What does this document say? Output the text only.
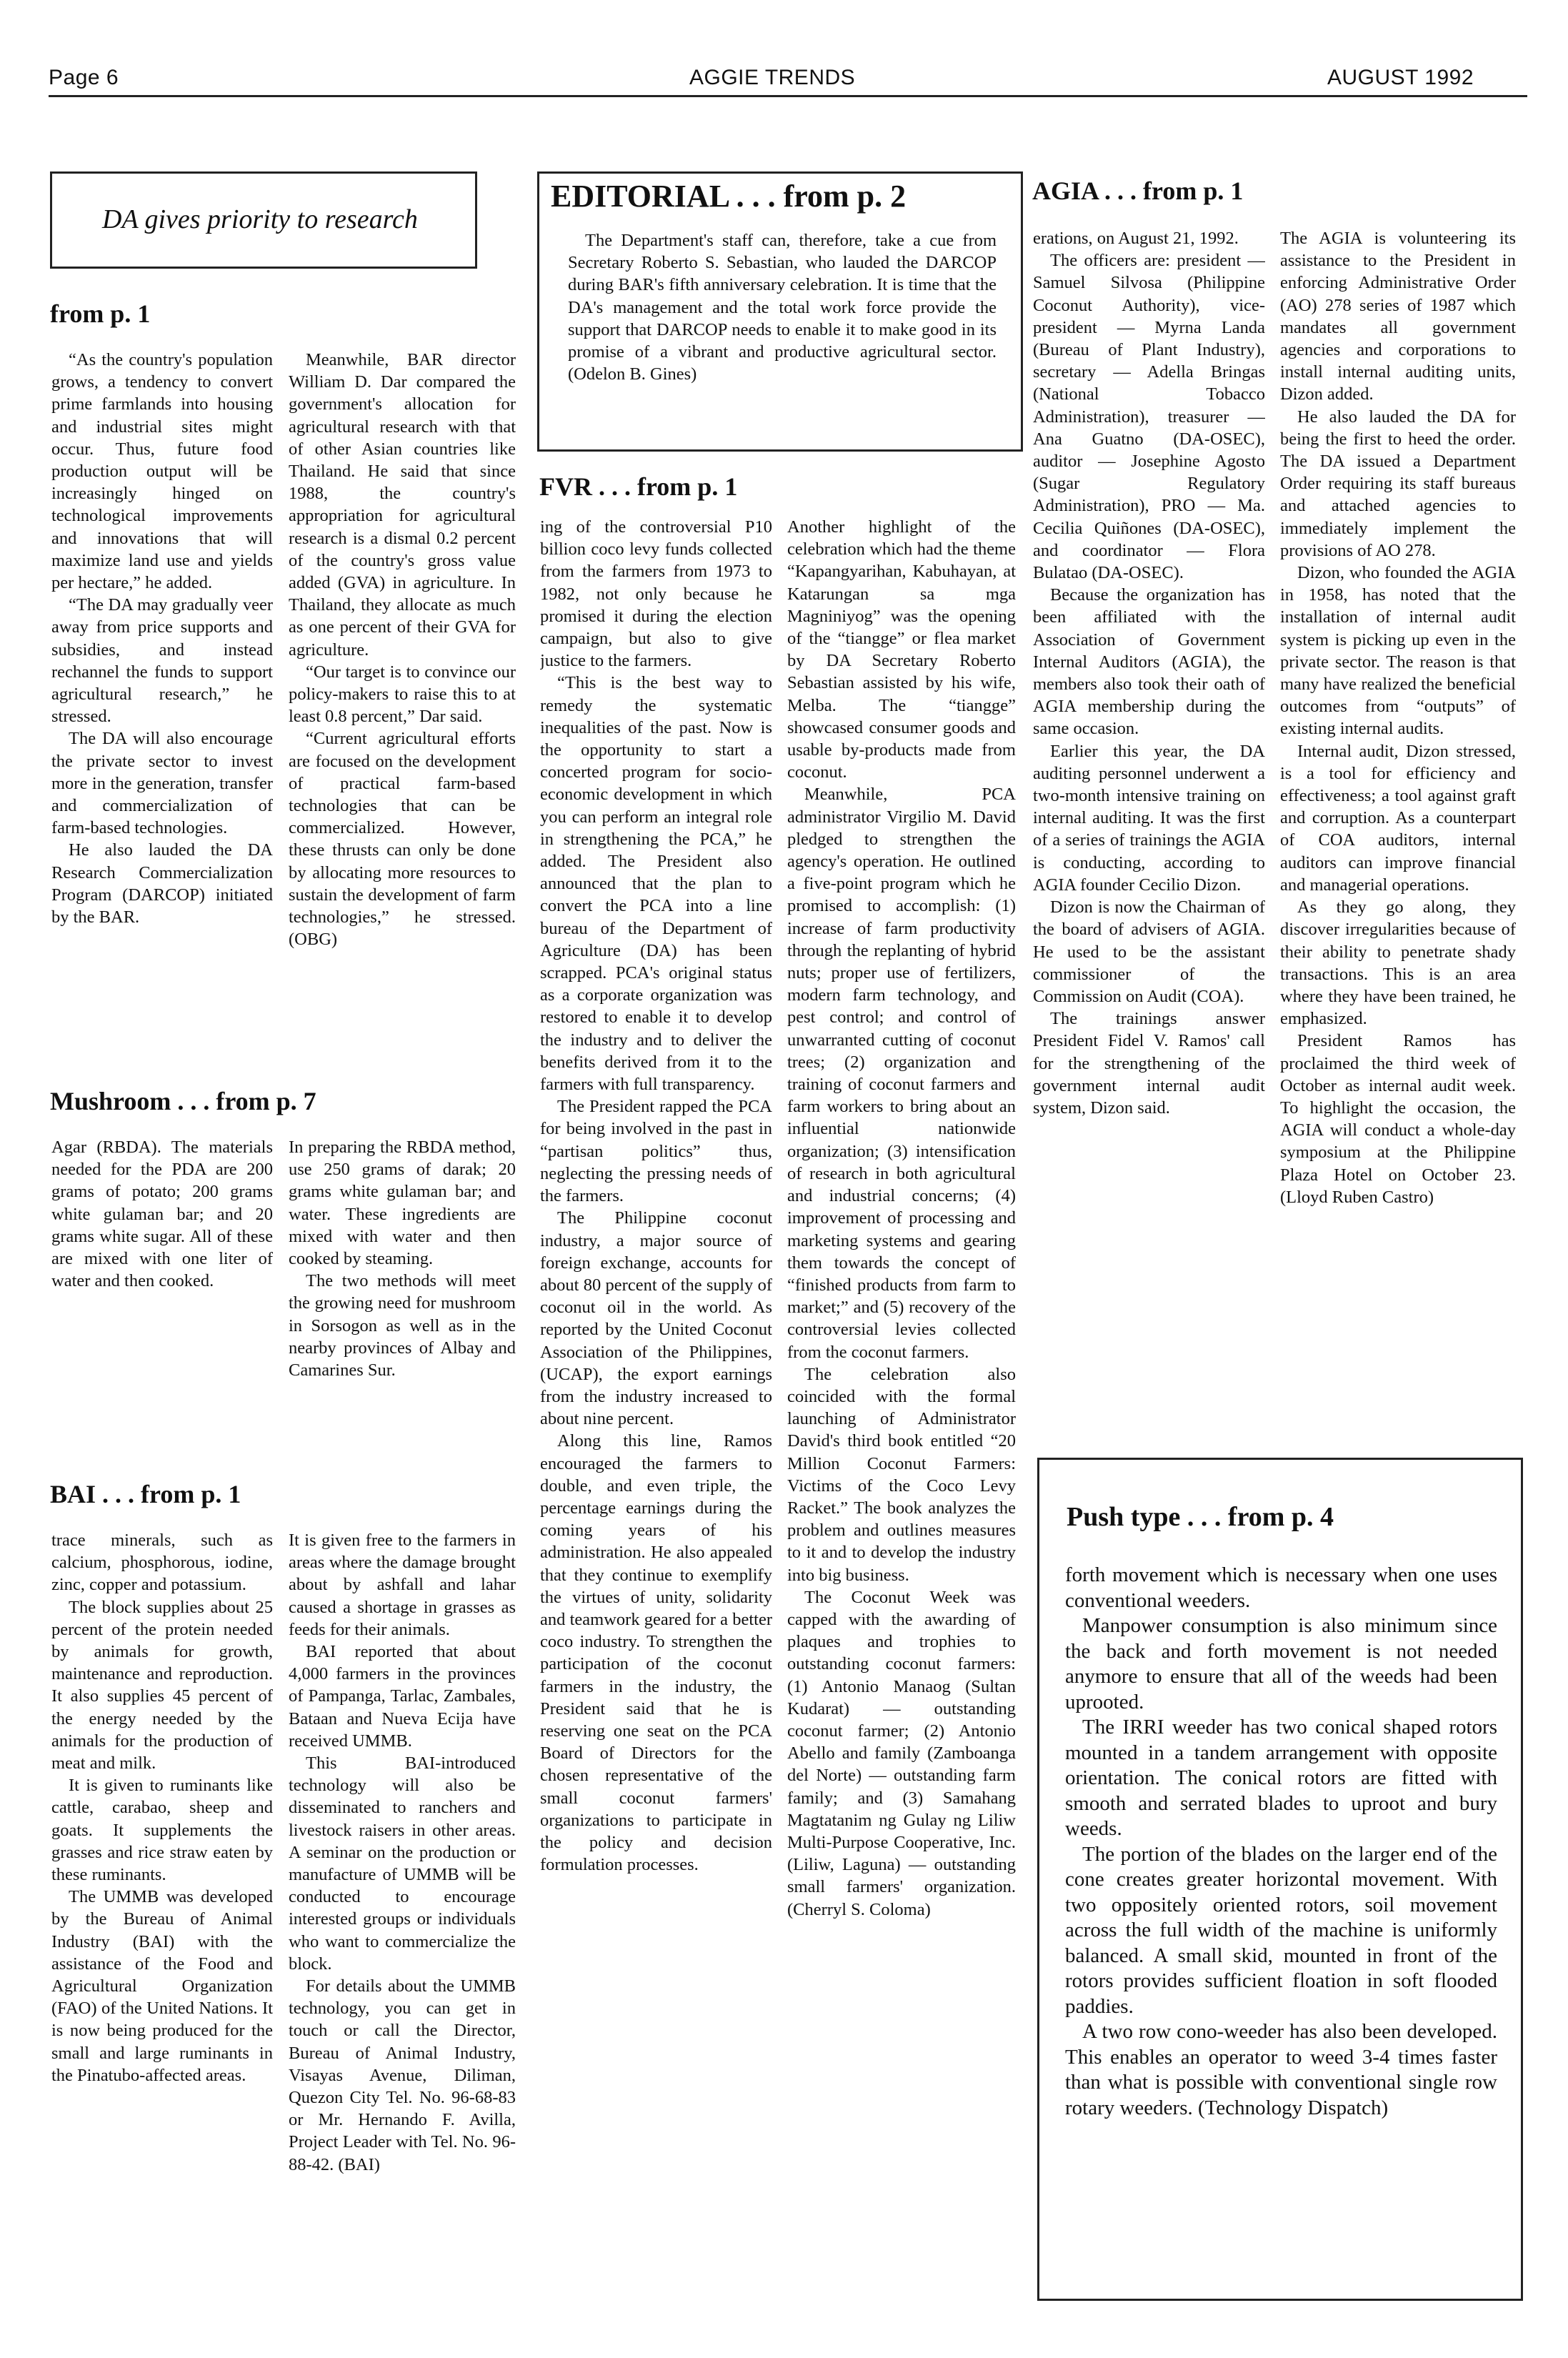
Page 6	AGGIE TRENDS	AUGUST 1992
DA gives priority to research
from p. 1

“As the country's population grows, a tendency to convert prime farmlands into housing and industrial sites might occur. Thus, future food production output will be increasingly hinged on technological improvements and innovations that will maximize land use and yields per hectare,” he added.

“The DA may gradually veer away from price supports and subsidies, and instead rechannel the funds to support agricultural research,” he stressed.

The DA will also encourage the private sector to invest more in the generation, transfer and commercialization of farm-based technologies.

He also lauded the DA Research Commercialization Program (DARCOP) initiated by the BAR.

Meanwhile, BAR director William D. Dar compared the government's allocation for agricultural research with that of other Asian countries like Thailand. He said that since 1988, the country's appropriation for agricultural research is a dismal 0.2 percent of the country's gross value added (GVA) in agriculture. In Thailand, they allocate as much as one percent of their GVA for agriculture.

“Our target is to convince our policy-makers to raise this to at least 0.8 percent,” Dar said.

“Current agricultural efforts are focused on the development of practical farm-based technologies that can be commercialized. However, these thrusts can only be done by allocating more resources to sustain the development of farm technologies,” he stressed. (OBG)

Mushroom . . . from p. 7

Agar (RBDA). The materials needed for the PDA are 200 grams of potato; 200 grams white gulaman bar; and 20 grams white sugar. All of these are mixed with one liter of water and then cooked.

In preparing the RBDA method, use 250 grams of darak; 20 grams white gulaman bar; and water. These ingredients are mixed with water and then cooked by steaming.

The two methods will meet the growing need for mushroom in Sorsogon as well as in the nearby provinces of Albay and Camarines Sur.

BAI . . . from p. 1

trace minerals, such as calcium, phosphorous, iodine, zinc, copper and potassium.

The block supplies about 25 percent of the protein needed by animals for growth, maintenance and reproduction. It also supplies 45 percent of the energy needed by the animals for the production of meat and milk.

It is given to ruminants like cattle, carabao, sheep and goats. It supplements the grasses and rice straw eaten by these ruminants.

The UMMB was developed by the Bureau of Animal Industry (BAI) with the assistance of the Food and Agricultural Organization (FAO) of the United Nations. It is now being produced for the small and large ruminants in the Pinatubo-affected areas.

It is given free to the farmers in areas where the damage brought about by ashfall and lahar caused a shortage in grasses as feeds for their animals.

BAI reported that about 4,000 farmers in the provinces of Pampanga, Tarlac, Zambales, Bataan and Nueva Ecija have received UMMB.

This BAI-introduced technology will also be disseminated to ranchers and livestock raisers in other areas. A seminar on the production or manufacture of UMMB will be conducted to encourage interested groups or individuals who want to commercialize the block.

For details about the UMMB technology, you can get in touch or call the Director, Bureau of Animal Industry, Visayas Avenue, Diliman, Quezon City Tel. No. 96-68-83 or Mr. Hernando F. Avilla, Project Leader with Tel. No. 96-88-42. (BAI)

EDITORIAL . . . from p. 2

The Department's staff can, therefore, take a cue from Secretary Roberto S. Sebastian, who lauded the DARCOP during BAR's fifth anniversary celebration. It is time that the DA's management and the total work force provide the support that DARCOP needs to enable it to make good in its promise of a vibrant and productive agricultural sector. (Odelon B. Gines)

FVR . . . from p. 1

ing of the controversial P10 billion coco levy funds collected from the farmers from 1973 to 1982, not only because he promised it during the election campaign, but also to give justice to the farmers.

“This is the best way to remedy the systematic inequalities of the past. Now is the opportunity to start a concerted program for socio-economic development in which you can perform an integral role in strengthening the PCA,” he added. The President also announced that the plan to convert the PCA into a line bureau of the Department of Agriculture (DA) has been scrapped. PCA's original status as a corporate organization was restored to enable it to develop the industry and to deliver the benefits derived from it to the farmers with full transparency.

The President rapped the PCA for being involved in the past in “partisan politics” thus, neglecting the pressing needs of the farmers.

The Philippine coconut industry, a major source of foreign exchange, accounts for about 80 percent of the supply of coconut oil in the world. As reported by the United Coconut Association of the Philippines, (UCAP), the export earnings from the industry increased to about nine percent.

Along this line, Ramos encouraged the farmers to double, and even triple, the percentage earnings during the coming years of his administration. He also appealed that they continue to exemplify the virtues of unity, solidarity and teamwork geared for a better coco industry. To strengthen the participation of the coconut farmers in the industry, the President said that he is reserving one seat on the PCA Board of Directors for the chosen representative of the small coconut farmers' organizations to participate in the policy and decision formulation processes.

Another highlight of the celebration which had the theme “Kapangyarihan, Kabuhayan, at Katarungan sa mga Magniniyog” was the opening of the “tiangge” or flea market by DA Secretary Roberto Sebastian assisted by his wife, Melba. The “tiangge” showcased consumer goods and usable by-products made from coconut.

Meanwhile, PCA administrator Virgilio M. David pledged to strengthen the agency's operation. He outlined a five-point program which he promised to accomplish: (1) increase of farm productivity through the replanting of hybrid nuts; proper use of fertilizers, modern farm technology, and pest control; and control of unwarranted cutting of coconut trees; (2) organization and training of coconut farmers and farm workers to bring about an influential nationwide organization; (3) intensification of research in both agricultural and industrial concerns; (4) improvement of processing and marketing systems and gearing them towards the concept of “finished products from farm to market;” and (5) recovery of the controversial levies collected from the coconut farmers.

The celebration also coincided with the formal launching of Administrator David's third book entitled “20 Million Coconut Farmers: Victims of the Coco Levy Racket.” The book analyzes the problem and outlines measures to it and to develop the industry into big business.

The Coconut Week was capped with the awarding of plaques and trophies to outstanding coconut farmers: (1) Antonio Manaog (Sultan Kudarat) — outstanding coconut farmer; (2) Antonio Abello and family (Zamboanga del Norte) — outstanding farm family; and (3) Samahang Magtatanim ng Gulay ng Liliw Multi-Purpose Cooperative, Inc. (Liliw, Laguna) — outstanding small farmers' organization. (Cherryl S. Coloma)

AGIA . . . from p. 1

erations, on August 21, 1992.

The officers are: president — Samuel Silvosa (Philippine Coconut Authority), vice-president — Myrna Landa (Bureau of Plant Industry), secretary — Adella Bringas (National Tobacco Administration), treasurer — Ana Guatno (DA-OSEC), auditor — Josephine Agosto (Sugar Regulatory Administration), PRO — Ma. Cecilia Quiñones (DA-OSEC), and coordinator — Flora Bulatao (DA-OSEC).

Because the organization has been affiliated with the Association of Government Internal Auditors (AGIA), the members also took their oath of AGIA membership during the same occasion.

Earlier this year, the DA auditing personnel underwent a two-month intensive training on internal auditing. It was the first of a series of trainings the AGIA is conducting, according to AGIA founder Cecilio Dizon.

Dizon is now the Chairman of the board of advisers of AGIA. He used to be the assistant commissioner of the Commission on Audit (COA).

The trainings answer President Fidel V. Ramos' call for the strengthening of the government internal audit system, Dizon said.

The AGIA is volunteering its assistance to the President in enforcing Administrative Order (AO) 278 series of 1987 which mandates all government agencies and corporations to install internal auditing units, Dizon added.

He also lauded the DA for being the first to heed the order. The DA issued a Department Order requiring its staff bureaus and attached agencies to immediately implement the provisions of AO 278.

Dizon, who founded the AGIA in 1958, has noted that the installation of internal audit system is picking up even in the private sector. The reason is that many have realized the beneficial outcomes from “outputs” of existing internal audits.

Internal audit, Dizon stressed, is a tool for efficiency and effectiveness; a tool against graft and corruption. As a counterpart of COA auditors, internal auditors can improve financial and managerial operations.

As they go along, they discover irregularities because of their ability to penetrate shady transactions. This is an area where they have been trained, he emphasized.

President Ramos has proclaimed the third week of October as internal audit week. To highlight the occasion, the AGIA will conduct a whole-day symposium at the Philippine Plaza Hotel on October 23. (Lloyd Ruben Castro)

Push type . . . from p. 4

forth movement which is necessary when one uses conventional weeders.

Manpower consumption is also minimum since the back and forth movement is not needed anymore to ensure that all of the weeds had been uprooted.

The IRRI weeder has two conical shaped rotors mounted in a tandem arrangement with opposite orientation. The conical rotors are fitted with smooth and serrated blades to uproot and bury weeds.

The portion of the blades on the larger end of the cone creates greater horizontal movement. With two oppositely oriented rotors, soil movement across the full width of the machine is uniformly balanced. A small skid, mounted in front of the rotors provides sufficient floation in soft flooded paddies.

A two row cono-weeder has also been developed. This enables an operator to weed 3-4 times faster than what is possible with conventional single row rotary weeders. (Technology Dispatch)
